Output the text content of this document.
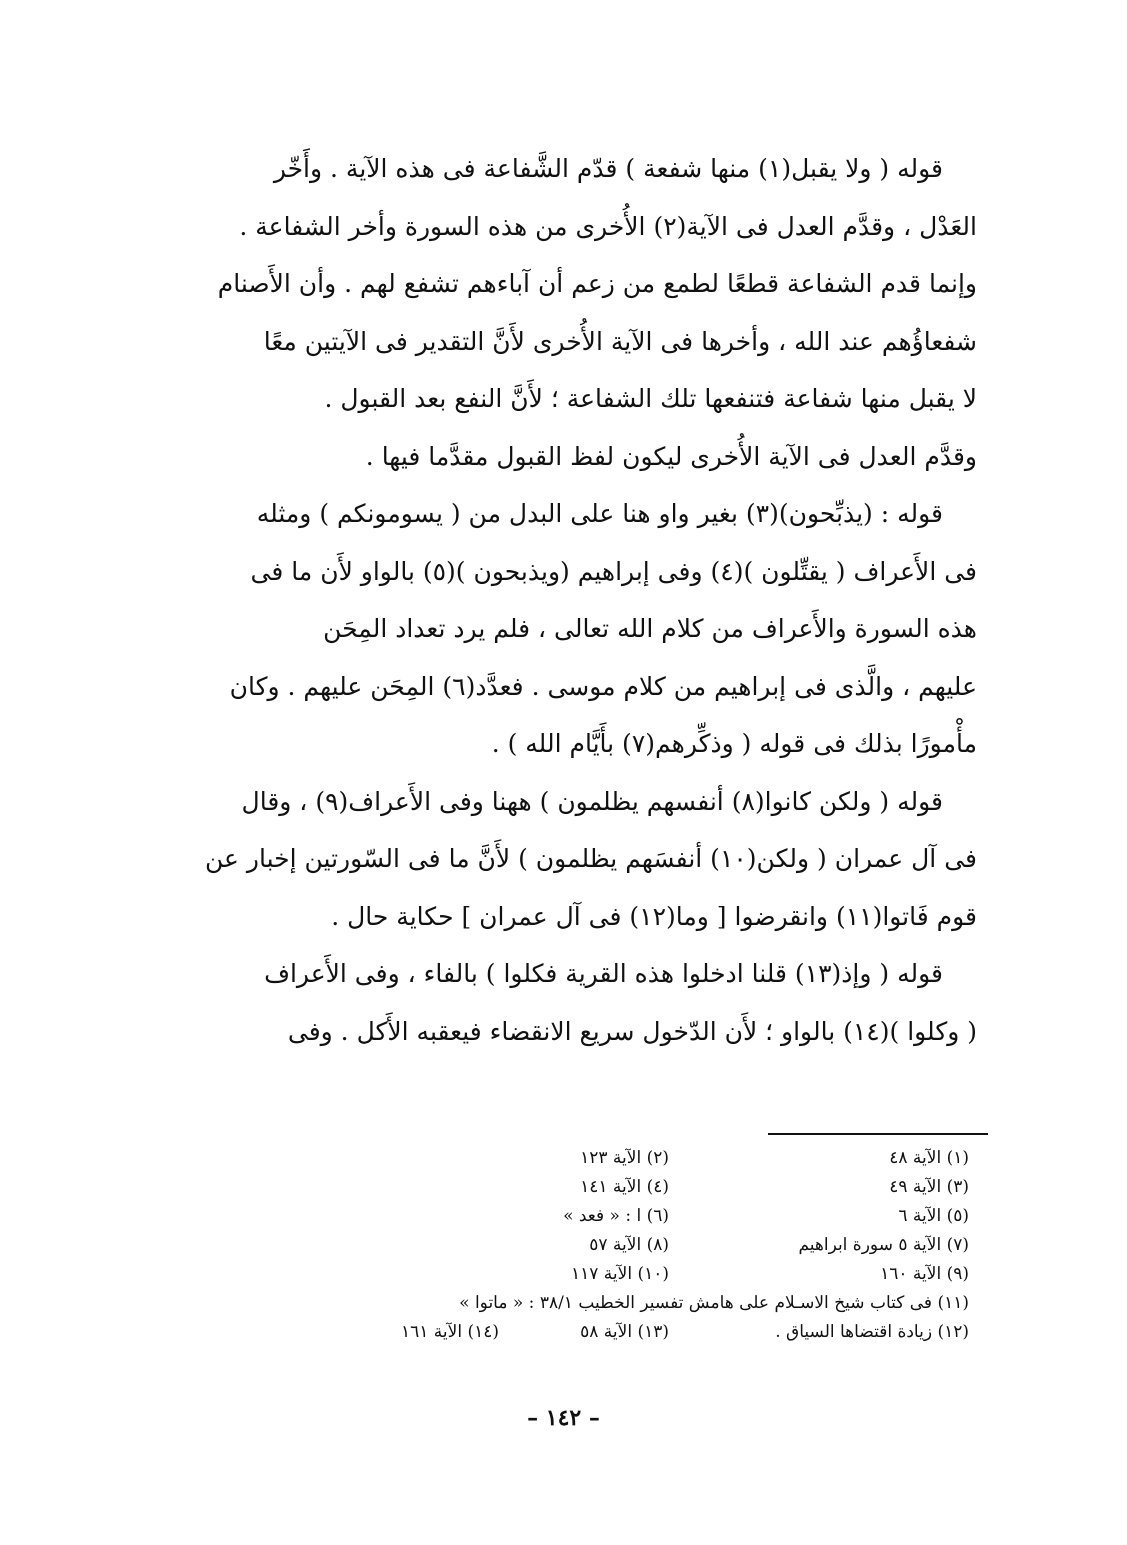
قوله ( ولا يقبل(١) منها شفعة ) قدّم الشَّفاعة فى هذه الآية . وأَخّر
العَدْل ، وقدَّم العدل فى الآية(٢) الأُخرى من هذه السورة وأخر الشفاعة .
وإنما قدم الشفاعة قطعًا لطمع من زعم أن آباءهم تشفع لهم . وأن الأَصنام
شفعاؤُهم عند الله ، وأخرها فى الآية الأُخرى لأَنَّ التقدير فى الآيتين معًا
لا يقبل منها شفاعة فتنفعها تلك الشفاعة ؛ لأَنَّ النفع بعد القبول .
وقدَّم العدل فى الآية الأُخرى ليكون لفظ القبول مقدَّما فيها .

قوله : (يذبِّحون)(٣) بغير واو هنا على البدل من ( يسومونكم ) ومثله
فى الأَعراف ( يقتِّلون )(٤) وفى إبراهيم (ويذبحون )(٥) بالواو لأَن ما فى
هذه السورة والأَعراف من كلام الله تعالى ، فلم يرد تعداد المِحَن
عليهم ، والَّذى فى إبراهيم من كلام موسى . فعدَّد(٦) المِحَن عليهم . وكان
مأْمورًا بذلك فى قوله ( وذكِّرهم(٧) بأَيَّام الله ) .

قوله ( ولكن كانوا(٨) أنفسهم يظلمون ) ههنا وفى الأَعراف(٩) ، وقال
فى آل عمران ( ولكن(١٠) أنفسَهم يظلمون ) لأَنَّ ما فى السّورتين إخبار عن
قوم فَاتوا(١١) وانقرضوا [ وما(١٢) فى آل عمران ] حكاية حال .

قوله ( وإذ(١٣) قلنا ادخلوا هذه القرية فكلوا ) بالفاء ، وفى الأَعراف
( وكلوا )(١٤) بالواو ؛ لأَن الدّخول سريع الانقضاء فيعقبه الأَكل . وفى

(١) الآية ٤٨
(٢) الآية ١٢٣
(٣) الآية ٤٩
(٤) الآية ١٤١
(٥) الآية ٦
(٦) ا : « فعد »
(٧) الآية ٥ سورة ابراهيم
(٨) الآية ٥٧
(٩) الآية ١٦٠
(١٠) الآية ١١٧
(١١) فى كتاب شيخ الاسـلام على هامش تفسير الخطيب ٣٨/١ : « ماتوا »
(١٢) زيادة اقتضاها السياق .
(١٣) الآية ٥٨
(١٤) الآية ١٦١
– ١٤٢ –
